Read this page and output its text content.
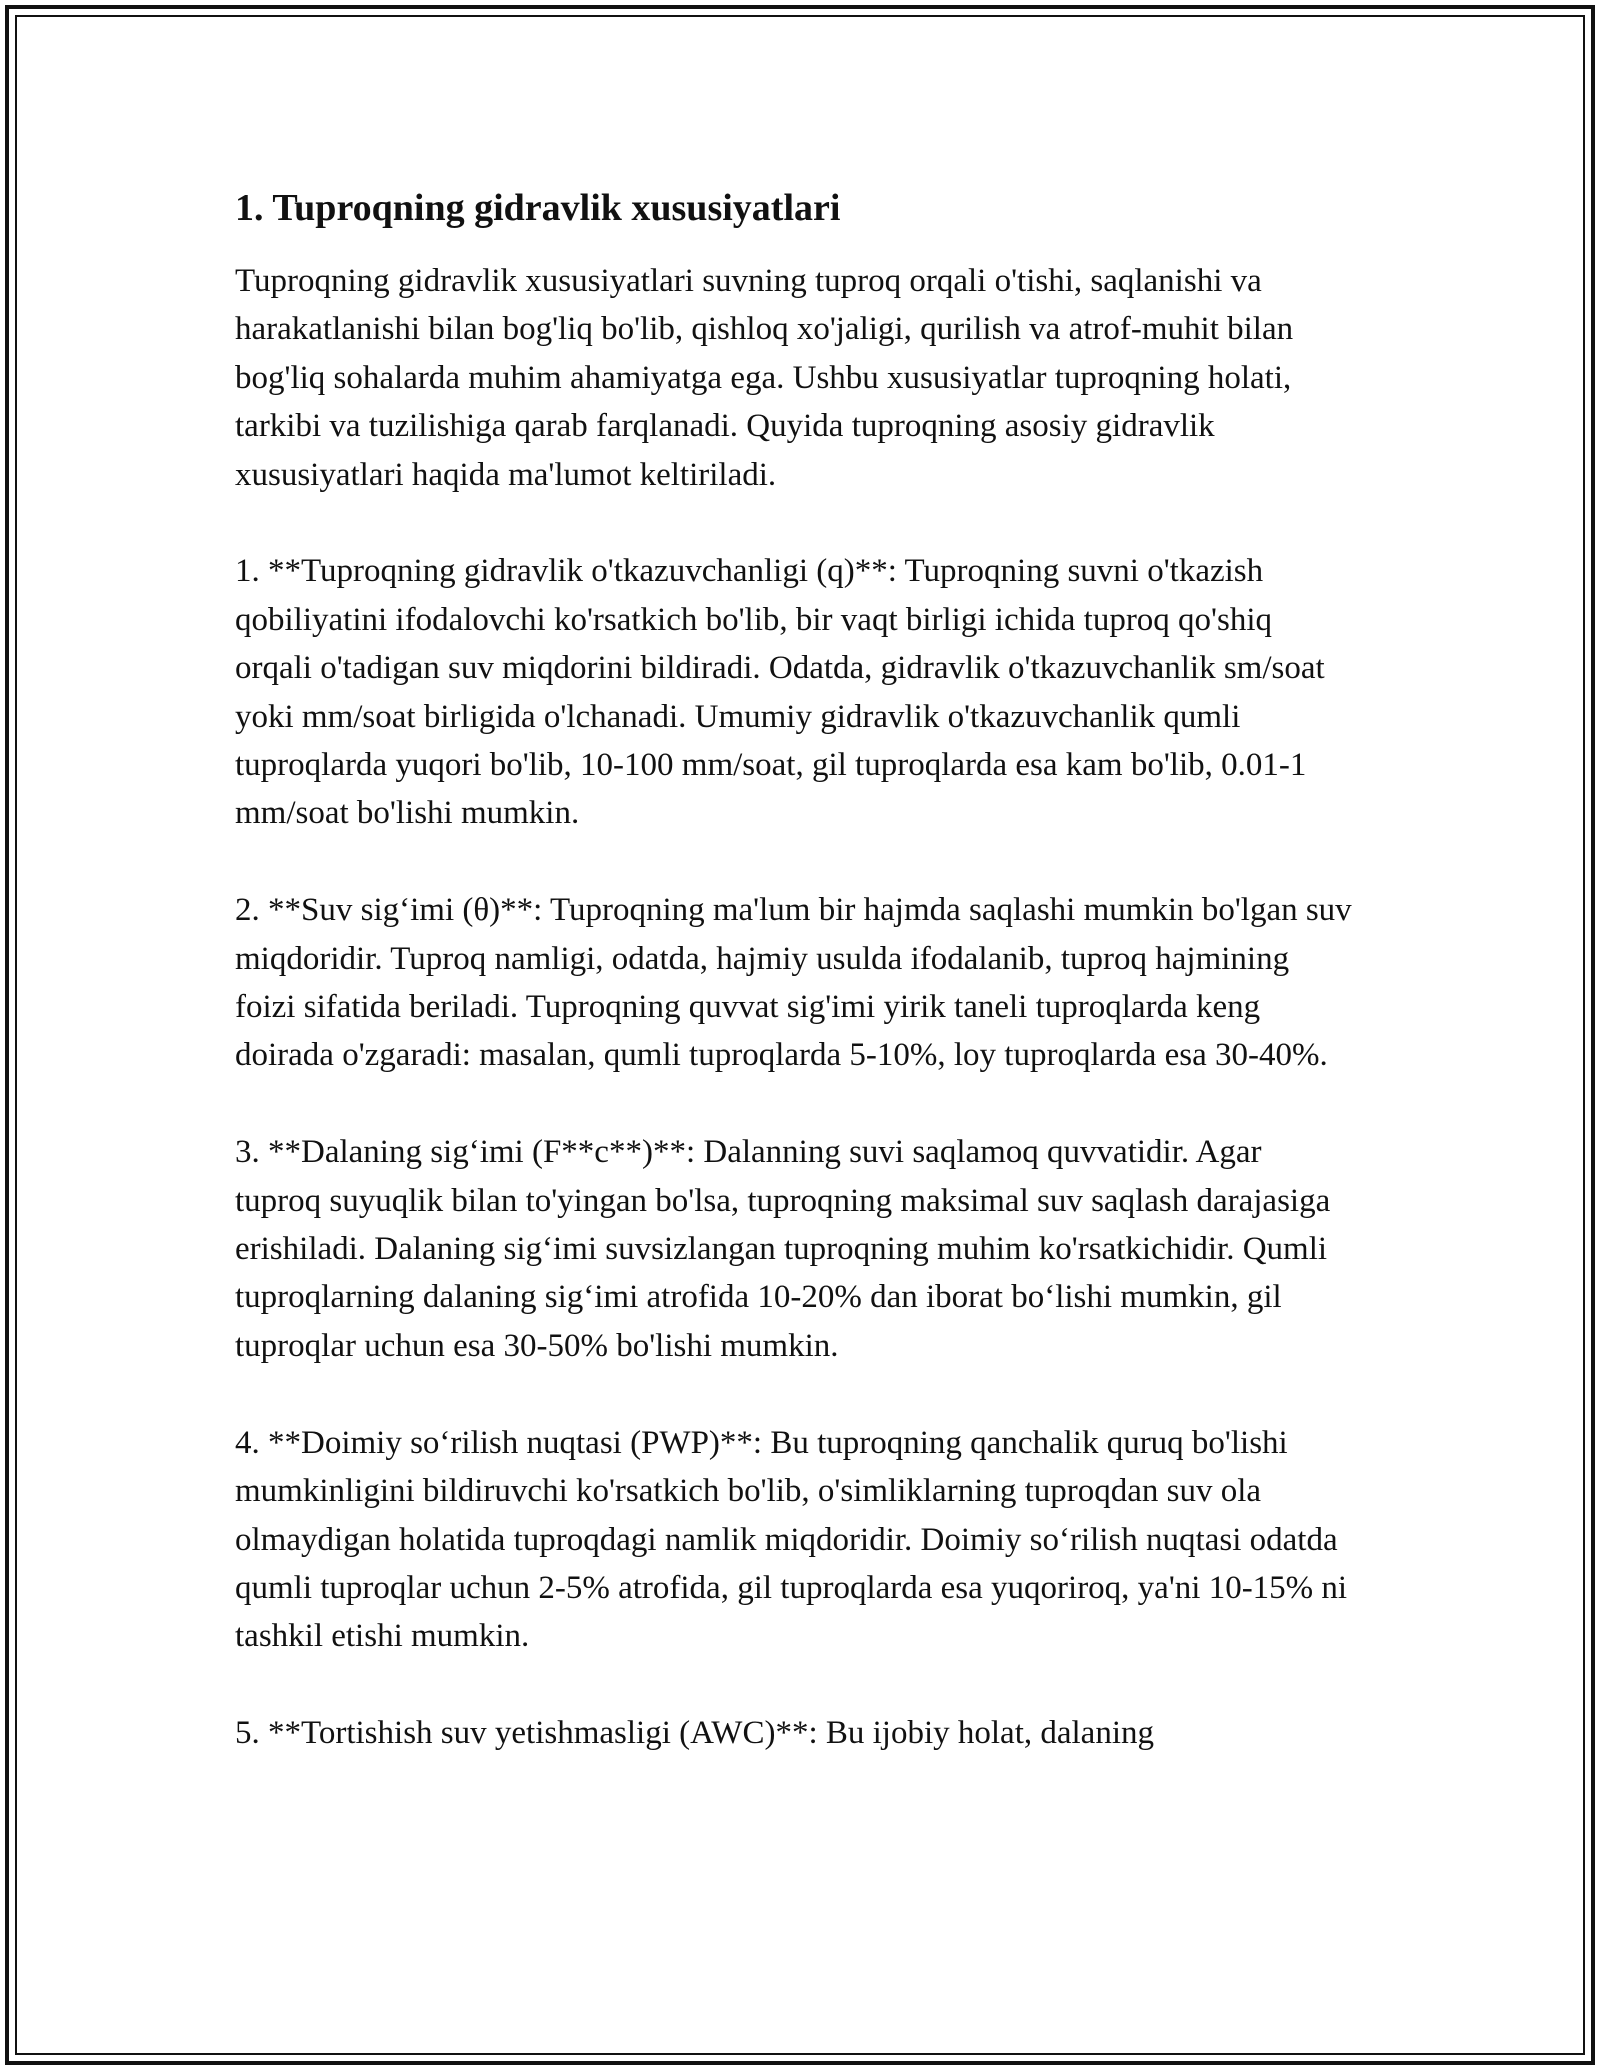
1. Tuproqning gidravlik xususiyatlari

Tuproqning gidravlik xususiyatlari suvning tuproq orqali o'tishi, saqlanishi va harakatlanishi bilan bog'liq bo'lib, qishloq xo'jaligi, qurilish va atrof-muhit bilan bog'liq sohalarda muhim ahamiyatga ega. Ushbu xususiyatlar tuproqning holati, tarkibi va tuzilishiga qarab farqlanadi. Quyida tuproqning asosiy gidravlik xususiyatlari haqida ma'lumot keltiriladi.

1. **Tuproqning gidravlik o'tkazuvchanligi (q)**: Tuproqning suvni o'tkazish qobiliyatini ifodalovchi ko'rsatkich bo'lib, bir vaqt birligi ichida tuproq qo'shiq orqali o'tadigan suv miqdorini bildiradi. Odatda, gidravlik o'tkazuvchanlik sm/soat yoki mm/soat birligida o'lchanadi. Umumiy gidravlik o'tkazuvchanlik qumli tuproqlarda yuqori bo'lib, 10-100 mm/soat, gil tuproqlarda esa kam bo'lib, 0.01-1 mm/soat bo'lishi mumkin.

2. **Suv sig‘imi (θ)**: Tuproqning ma'lum bir hajmda saqlashi mumkin bo'lgan suv miqdoridir. Tuproq namligi, odatda, hajmiy usulda ifodalanib, tuproq hajmining foizi sifatida beriladi. Tuproqning quvvat sig'imi yirik taneli tuproqlarda keng doirada o'zgaradi: masalan, qumli tuproqlarda 5-10%, loy tuproqlarda esa 30-40%.

3. **Dalaning sig‘imi (F**c**)**: Dalanning suvi saqlamoq quvvatidir. Agar tuproq suyuqlik bilan to'yingan bo'lsa, tuproqning maksimal suv saqlash darajasiga erishiladi. Dalaning sig‘imi suvsizlangan tuproqning muhim ko'rsatkichidir. Qumli tuproqlarning dalaning sig‘imi atrofida 10-20% dan iborat bo‘lishi mumkin, gil tuproqlar uchun esa 30-50% bo'lishi mumkin.

4. **Doimiy so‘rilish nuqtasi (PWP)**: Bu tuproqning qanchalik quruq bo'lishi mumkinligini bildiruvchi ko'rsatkich bo'lib, o'simliklarning tuproqdan suv ola olmaydigan holatida tuproqdagi namlik miqdoridir. Doimiy so‘rilish nuqtasi odatda qumli tuproqlar uchun 2-5% atrofida, gil tuproqlarda esa yuqoriroq, ya'ni 10-15% ni tashkil etishi mumkin.

5. **Tortishish suv yetishmasligi (AWC)**: Bu ijobiy holat, dalaning
